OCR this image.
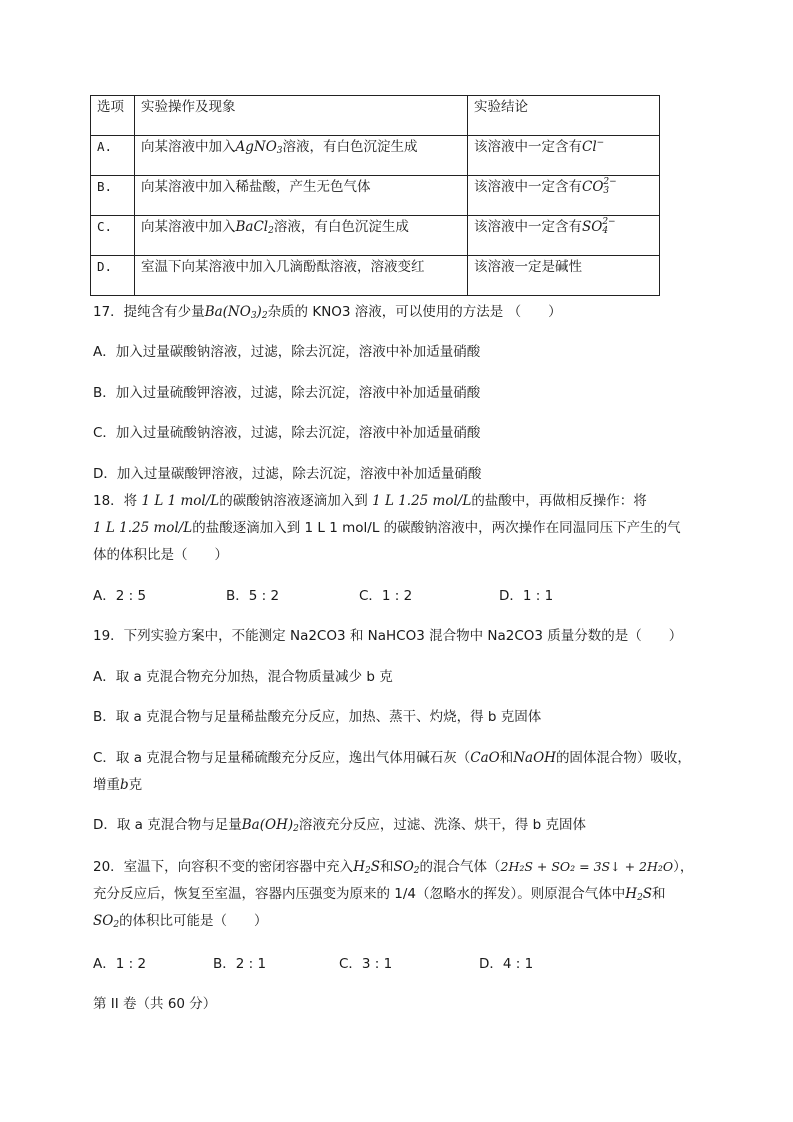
选项	实验操作及现象	实验结论
A.	向某溶液中加入AgNO$_3$溶液，有白色沉淀生成	该溶液中一定含有Cl−
B.	向某溶液中加入稀盐酸，产生无色气体	该溶液中一定含有CO 2−
3

C.	向某溶液中加入BaCl$_2$溶液，有白色沉淀生成	该溶液中一定含有SO 2−
4

D.	室温下向某溶液中加入几滴酚酞溶液，溶液变红	该溶液一定是碱性
17．提纯含有少量$Ba(NO_3)_2$杂质的 KNO3 溶液，可以使用的方法是 （　　）
A．加入过量碳酸钠溶液，过滤，除去沉淀，溶液中补加适量硝酸
B．加入过量硫酸钾溶液，过滤，除去沉淀，溶液中补加适量硝酸
C．加入过量硫酸钠溶液，过滤，除去沉淀，溶液中补加适量硝酸
D．加入过量碳酸钾溶液，过滤，除去沉淀，溶液中补加适量硝酸
18．将 1 L 1 mol/L的碳酸钠溶液逐滴加入到 1 L 1.25 mol/L的盐酸中，再做相反操作：将
1 L 1.25 mol/L的盐酸逐滴加入到 1 L 1 mol/L 的碳酸钠溶液中，两次操作在同温同压下产生的气
体的体积比是（　　）
A．2 : 5	B．5 : 2	C．1 : 2	D．1 : 1
19．下列实验方案中，不能测定 Na2CO3 和 NaHCO3 混合物中 Na2CO3 质量分数的是（　　）
A．取 a 克混合物充分加热，混合物质量减少 b 克
B．取 a 克混合物与足量稀盐酸充分反应，加热、蒸干、灼烧，得 b 克固体
C．取 a 克混合物与足量稀硫酸充分反应，逸出气体用碱石灰（CaO和NaOH的固体混合物）吸收，
增重b克
D．取 a 克混合物与足量$Ba(OH)_2$溶液充分反应，过滤、洗涤、烘干，得 b 克固体
20．室温下，向容积不变的密闭容器中充入$H_2S$和$SO_2$的混合气体（2H₂S + SO₂ = 3S↓ + 2H₂O），
充分反应后，恢复至室温，容器内压强变为原来的 1/4（忽略水的挥发）。则原混合气体中$H_2S$和
$SO_2$的体积比可能是（　　）
A．1 : 2	B．2 : 1	C．3 : 1	D．4 : 1
第 II 卷（共 60 分）
